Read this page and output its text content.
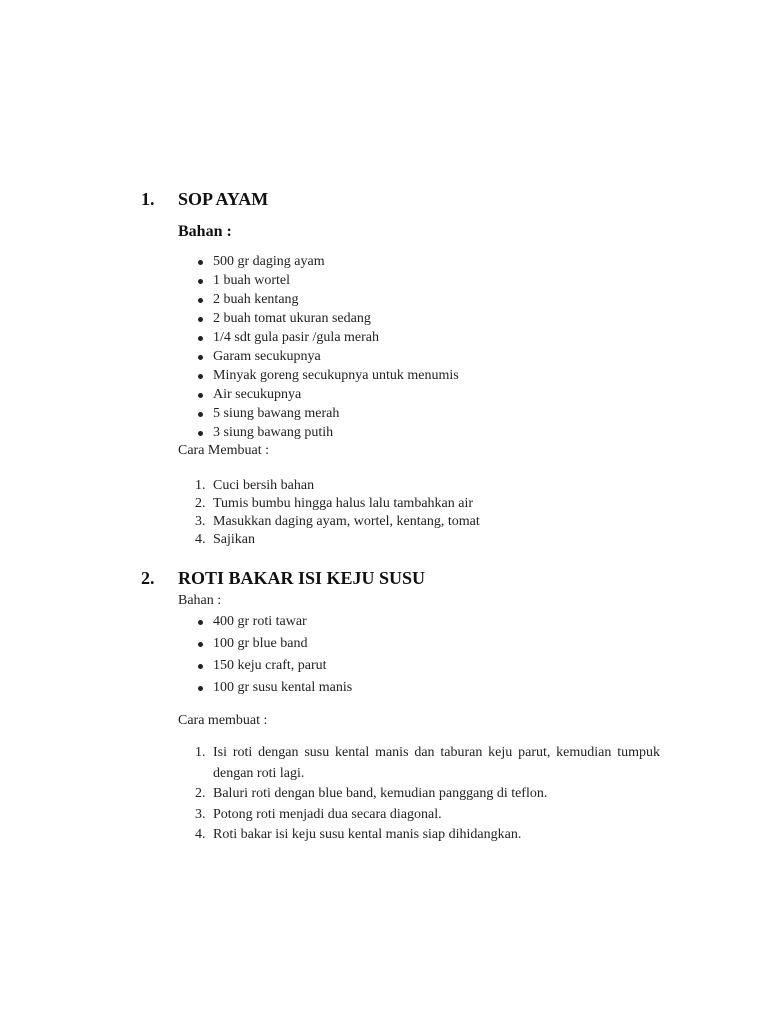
1. SOP AYAM
Bahan :
500 gr daging ayam
1 buah wortel
2 buah kentang
2 buah tomat ukuran sedang
1/4 sdt gula pasir /gula merah
Garam secukupnya
Minyak goreng secukupnya untuk menumis
Air secukupnya
5 siung bawang merah
3 siung bawang putih
Cara Membuat :
1. Cuci bersih bahan
2. Tumis bumbu hingga halus lalu tambahkan air
3. Masukkan daging ayam, wortel, kentang, tomat
4. Sajikan
2. ROTI BAKAR ISI KEJU SUSU
Bahan :
400 gr roti tawar
100 gr blue band
150 keju craft, parut
100 gr susu kental manis
Cara membuat :
1. Isi roti dengan susu kental manis dan taburan keju parut, kemudian tumpuk dengan roti lagi.
2. Baluri roti dengan blue band, kemudian panggang di teflon.
3. Potong roti menjadi dua secara diagonal.
4. Roti bakar isi keju susu kental manis siap dihidangkan.
